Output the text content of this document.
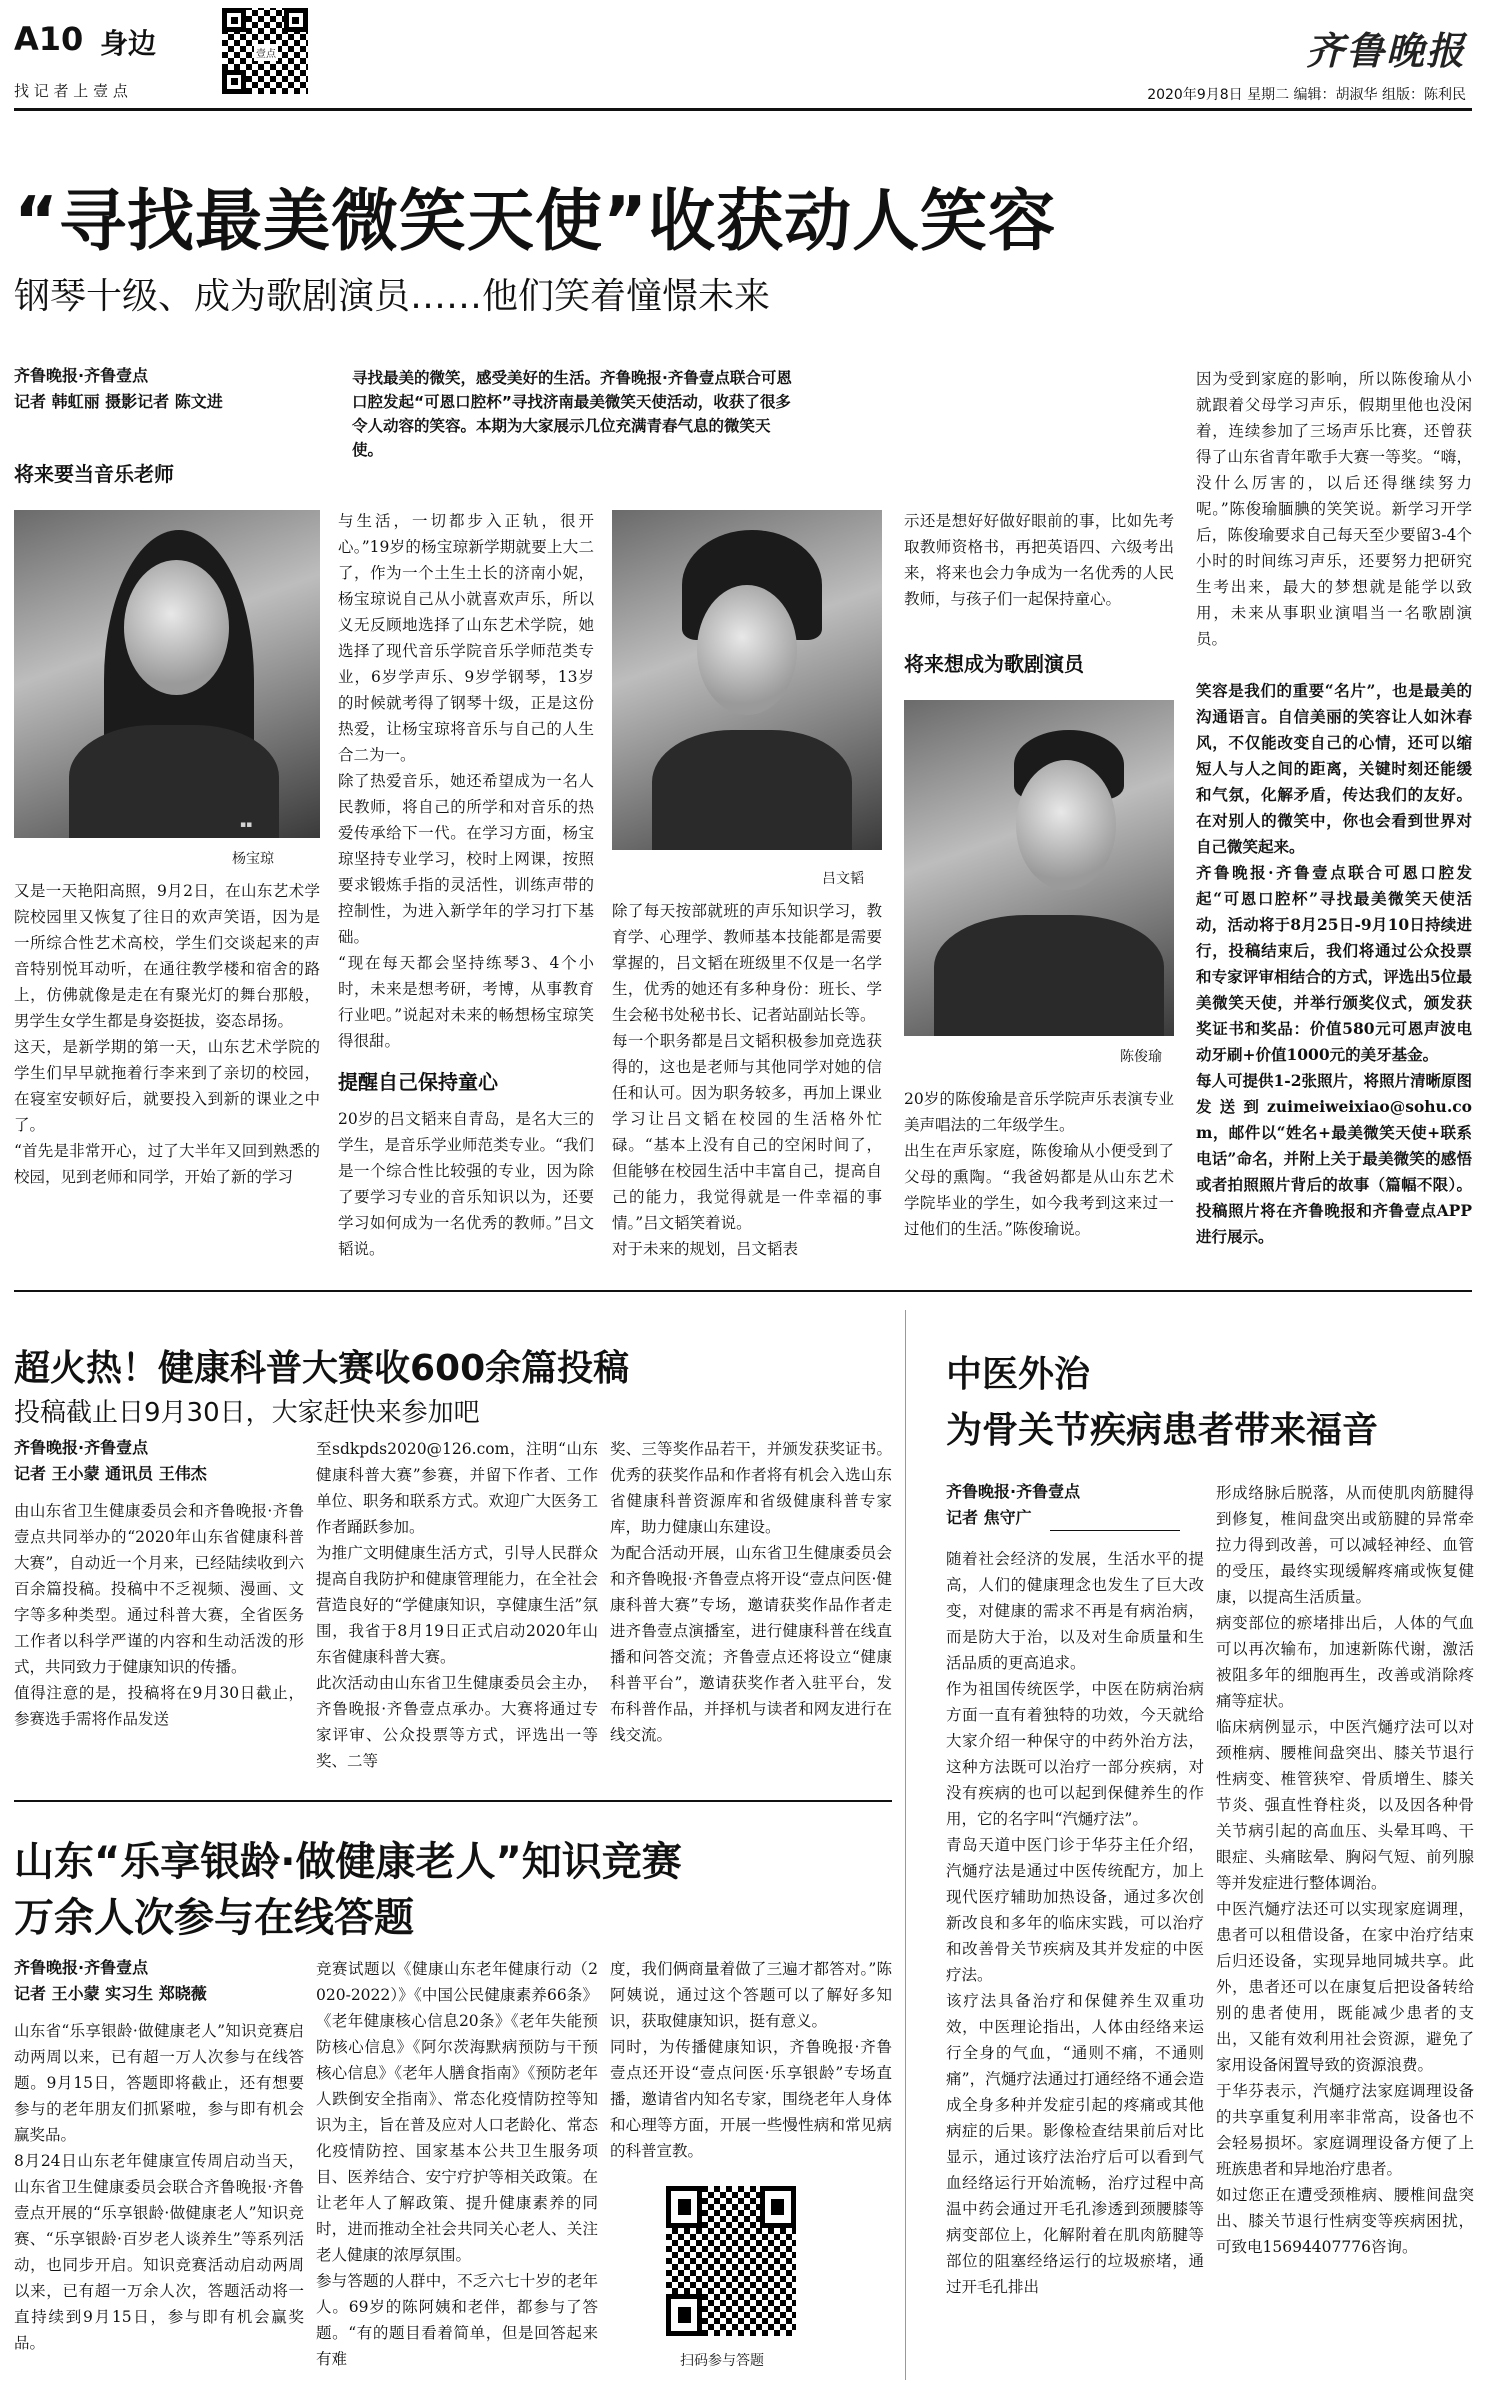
A10 身边
找 记 者 上 壹 点
壹点	齐鲁晚报
2020年9月8日 星期二 编辑：胡淑华 组版：陈利民
“寻找最美微笑天使”收获动人笑容
钢琴十级、成为歌剧演员……他们笑着憧憬未来
齐鲁晚报·齐鲁壹点
记者 韩虹丽 摄影记者 陈文进
寻找最美的微笑，感受美好的生活。齐鲁晚报·齐鲁壹点联合可恩口腔发起“可恩口腔杯”寻找济南最美微笑天使活动，收获了很多令人动容的笑容。本期为大家展示几位充满青春气息的微笑天使。
将来要当音乐老师
▪▪
杨宝琼
又是一天艳阳高照，9月2日，在山东艺术学院校园里又恢复了往日的欢声笑语，因为是一所综合性艺术高校，学生们交谈起来的声音特别悦耳动听，在通往教学楼和宿舍的路上，仿佛就像是走在有聚光灯的舞台那般，男学生女学生都是身姿挺拔，姿态昂扬。
这天，是新学期的第一天，山东艺术学院的学生们早早就拖着行李来到了亲切的校园，在寝室安顿好后，就要投入到新的课业之中了。
“首先是非常开心，过了大半年又回到熟悉的校园，见到老师和同学，开始了新的学习
与生活，一切都步入正轨，很开心。”19岁的杨宝琼新学期就要上大二了，作为一个土生土长的济南小妮，杨宝琼说自己从小就喜欢声乐，所以义无反顾地选择了山东艺术学院，她选择了现代音乐学院音乐学师范类专业，6岁学声乐、9岁学钢琴，13岁的时候就考得了钢琴十级，正是这份热爱，让杨宝琼将音乐与自己的人生合二为一。
除了热爱音乐，她还希望成为一名人民教师，将自己的所学和对音乐的热爱传承给下一代。在学习方面，杨宝琼坚持专业学习，校时上网课，按照要求锻炼手指的灵活性，训练声带的控制性，为进入新学年的学习打下基础。
“现在每天都会坚持练琴3、4个小时，未来是想考研，考博，从事教育行业吧。”说起对未来的畅想杨宝琼笑得很甜。
提醒自己保持童心
20岁的吕文韬来自青岛，是名大三的学生，是音乐学业师范类专业。“我们是一个综合性比较强的专业，因为除了要学习专业的音乐知识以为，还要学习如何成为一名优秀的教师。”吕文韬说。
吕文韬
除了每天按部就班的声乐知识学习，教育学、心理学、教师基本技能都是需要掌握的，吕文韬在班级里不仅是一名学生，优秀的她还有多种身份：班长、学生会秘书处秘书长、记者站副站长等。
每一个职务都是吕文韬积极参加竞选获得的，这也是老师与其他同学对她的信任和认可。因为职务较多，再加上课业学习让吕文韬在校园的生活格外忙碌。“基本上没有自己的空闲时间了，但能够在校园生活中丰富自己，提高自己的能力，我觉得就是一件幸福的事情。”吕文韬笑着说。
对于未来的规划，吕文韬表
示还是想好好做好眼前的事，比如先考取教师资格书，再把英语四、六级考出来，将来也会力争成为一名优秀的人民教师，与孩子们一起保持童心。
将来想成为歌剧演员
陈俊瑜
20岁的陈俊瑜是音乐学院声乐表演专业美声唱法的二年级学生。
出生在声乐家庭，陈俊瑜从小便受到了父母的熏陶。“我爸妈都是从山东艺术学院毕业的学生，如今我考到这来过一过他们的生活。”陈俊瑜说。
因为受到家庭的影响，所以陈俊瑜从小就跟着父母学习声乐，假期里他也没闲着，连续参加了三场声乐比赛，还曾获得了山东省青年歌手大赛一等奖。“嗨，没什么厉害的，以后还得继续努力呢。”陈俊瑜腼腆的笑笑说。新学习开学后，陈俊瑜要求自己每天至少要留3-4个小时的时间练习声乐，还要努力把研究生考出来，最大的梦想就是能学以致用，未来从事职业演唱当一名歌剧演员。
笑容是我们的重要“名片”，也是最美的沟通语言。自信美丽的笑容让人如沐春风，不仅能改变自己的心情，还可以缩短人与人之间的距离，关键时刻还能缓和气氛，化解矛盾，传达我们的友好。在对别人的微笑中，你也会看到世界对自己微笑起来。
齐鲁晚报·齐鲁壹点联合可恩口腔发起“可恩口腔杯”寻找最美微笑天使活动，活动将于8月25日-9月10日持续进行，投稿结束后，我们将通过公众投票和专家评审相结合的方式，评选出5位最美微笑天使，并举行颁奖仪式，颁发获奖证书和奖品：价值580元可恩声波电动牙刷+价值1000元的美牙基金。
每人可提供1-2张照片，将照片清晰原图发送到zuimeiweixiao@sohu.com，邮件以“姓名+最美微笑天使+联系电话”命名，并附上关于最美微笑的感悟或者拍照照片背后的故事（篇幅不限）。投稿照片将在齐鲁晚报和齐鲁壹点APP进行展示。
超火热！健康科普大赛收600余篇投稿
投稿截止日9月30日，大家赶快来参加吧
齐鲁晚报·齐鲁壹点
记者 王小蒙 通讯员 王伟杰
由山东省卫生健康委员会和齐鲁晚报·齐鲁壹点共同举办的“2020年山东省健康科普大赛”，自动近一个月来，已经陆续收到六百余篇投稿。投稿中不乏视频、漫画、文字等多种类型。通过科普大赛，全省医务工作者以科学严谨的内容和生动活泼的形式，共同致力于健康知识的传播。
值得注意的是，投稿将在9月30日截止，参赛选手需将作品发送
至sdkpds2020@126.com，注明“山东健康科普大赛”参赛，并留下作者、工作单位、职务和联系方式。欢迎广大医务工作者踊跃参加。
为推广文明健康生活方式，引导人民群众提高自我防护和健康管理能力，在全社会营造良好的“学健康知识，享健康生活”氛围，我省于8月19日正式启动2020年山东省健康科普大赛。
此次活动由山东省卫生健康委员会主办，齐鲁晚报·齐鲁壹点承办。大赛将通过专家评审、公众投票等方式，评选出一等奖、二等
奖、三等奖作品若干，并颁发获奖证书。优秀的获奖作品和作者将有机会入选山东省健康科普资源库和省级健康科普专家库，助力健康山东建设。
为配合活动开展，山东省卫生健康委员会和齐鲁晚报·齐鲁壹点将开设“壹点问医·健康科普大赛”专场，邀请获奖作品作者走进齐鲁壹点演播室，进行健康科普在线直播和问答交流；齐鲁壹点还将设立“健康科普平台”，邀请获奖作者入驻平台，发布科普作品，并择机与读者和网友进行在线交流。
山东“乐享银龄·做健康老人”知识竞赛
万余人次参与在线答题
齐鲁晚报·齐鲁壹点
记者 王小蒙 实习生 郑晓薇
山东省“乐享银龄·做健康老人”知识竞赛启动两周以来，已有超一万人次参与在线答题。9月15日，答题即将截止，还有想要参与的老年朋友们抓紧啦，参与即有机会赢奖品。
8月24日山东老年健康宣传周启动当天，山东省卫生健康委员会联合齐鲁晚报·齐鲁壹点开展的“乐享银龄·做健康老人”知识竞赛、“乐享银龄·百岁老人谈养生”等系列活动，也同步开启。知识竞赛活动启动两周以来，已有超一万余人次，答题活动将一直持续到9月15日，参与即有机会赢奖品。
竞赛试题以《健康山东老年健康行动（2020-2022）》《中国公民健康素养66条》《老年健康核心信息20条》《老年失能预防核心信息》《阿尔茨海默病预防与干预核心信息》《老年人膳食指南》《预防老年人跌倒安全指南》、常态化疫情防控等知识为主，旨在普及应对人口老龄化、常态化疫情防控、国家基本公共卫生服务项目、医养结合、安宁疗护等相关政策。在让老年人了解政策、提升健康素养的同时，进而推动全社会共同关心老人、关注老人健康的浓厚氛围。
参与答题的人群中，不乏六七十岁的老年人。69岁的陈阿姨和老伴，都参与了答题。“有的题目看着简单，但是回答起来有难
度，我们俩商量着做了三遍才都答对。”陈阿姨说，通过这个答题可以了解好多知识，获取健康知识，挺有意义。
同时，为传播健康知识，齐鲁晚报·齐鲁壹点还开设“壹点问医·乐享银龄”专场直播，邀请省内知名专家，围绕老年人身体和心理等方面，开展一些慢性病和常见病的科普宣教。
扫码参与答题
中医外治
为骨关节疾病患者带来福音
齐鲁晚报·齐鲁壹点
记者 焦守广
随着社会经济的发展，生活水平的提高，人们的健康理念也发生了巨大改变，对健康的需求不再是有病治病，而是防大于治，以及对生命质量和生活品质的更高追求。
作为祖国传统医学，中医在防病治病方面一直有着独特的功效，今天就给大家介绍一种保守的中药外治方法，这种方法既可以治疗一部分疾病，对没有疾病的也可以起到保健养生的作用，它的名字叫“汽熥疗法”。
青岛天道中医门诊于华芬主任介绍，汽熥疗法是通过中医传统配方，加上现代医疗辅助加热设备，通过多次创新改良和多年的临床实践，可以治疗和改善骨关节疾病及其并发症的中医疗法。
该疗法具备治疗和保健养生双重功效，中医理论指出，人体由经络来运行全身的气血，“通则不痛，不通则痛”，汽熥疗法通过打通经络不通会造成全身多种并发症引起的疼痛或其他病症的后果。影像检查结果前后对比显示，通过该疗法治疗后可以看到气血经络运行开始流畅，治疗过程中高温中药会通过开毛孔渗透到颈腰膝等病变部位上，化解附着在肌肉筋腱等部位的阻塞经络运行的垃圾瘀堵，通过开毛孔排出
形成络脉后脱落，从而使肌肉筋腱得到修复，椎间盘突出或筋腱的异常牵拉力得到改善，可以减轻神经、血管的受压，最终实现缓解疼痛或恢复健康，以提高生活质量。
病变部位的瘀堵排出后，人体的气血可以再次输布，加速新陈代谢，激活被阻多年的细胞再生，改善或消除疼痛等症状。
临床病例显示，中医汽熥疗法可以对颈椎病、腰椎间盘突出、膝关节退行性病变、椎管狭窄、骨质增生、膝关节炎、强直性脊柱炎，以及因各种骨关节病引起的高血压、头晕耳鸣、干眼症、头痛眩晕、胸闷气短、前列腺等并发症进行整体调治。
中医汽熥疗法还可以实现家庭调理，患者可以租借设备，在家中治疗结束后归还设备，实现异地同城共享。此外，患者还可以在康复后把设备转给别的患者使用，既能减少患者的支出，又能有效利用社会资源，避免了家用设备闲置导致的资源浪费。
于华芬表示，汽熥疗法家庭调理设备的共享重复利用率非常高，设备也不会轻易损坏。家庭调理设备方便了上班族患者和异地治疗患者。
如过您正在遭受颈椎病、腰椎间盘突出、膝关节退行性病变等疾病困扰，可致电15694407776咨询。
